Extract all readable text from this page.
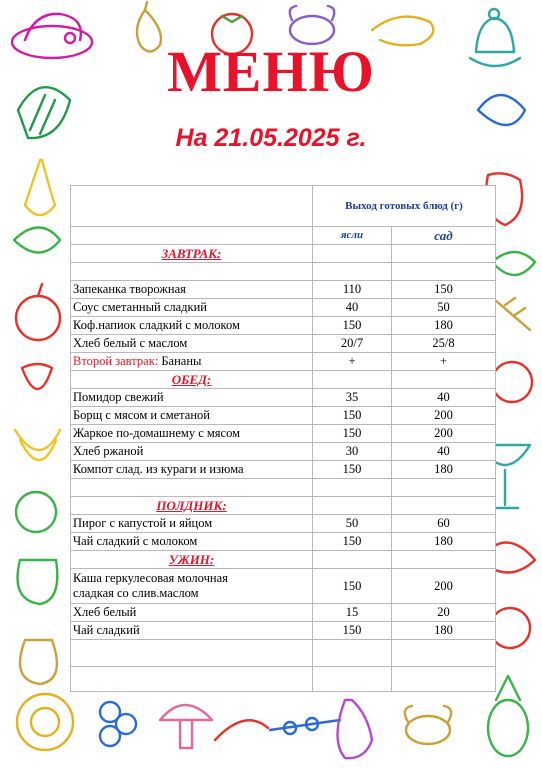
МЕНЮ
На 21.05.2025 г.
	Выход готовых блюд (г)	
	ясли	сад
ЗАВТРАК:		

Запеканка творожная	110	150
Соус сметанный сладкий	40	50
Коф.напиок сладкий с молоком	150	180
Хлеб белый с маслом	20/7	25/8
Второй завтрак: Бананы	+	+
ОБЕД:		
Помидор свежий	35	40
Борщ с мясом и сметаной	150	200
Жаркое по-домашнему с мясом	150	200
Хлеб ржаной	30	40
Компот слад. из кураги и изюма	150	180

ПОЛДНИК:		
Пирог с капустой и яйцом	50	60
Чай сладкий с молоком	150	180
УЖИН:		

Каша геркулесовая молочная
сладкая со слив.маслом	150	200
Хлеб белый	15	20
Чай сладкий	150	180
